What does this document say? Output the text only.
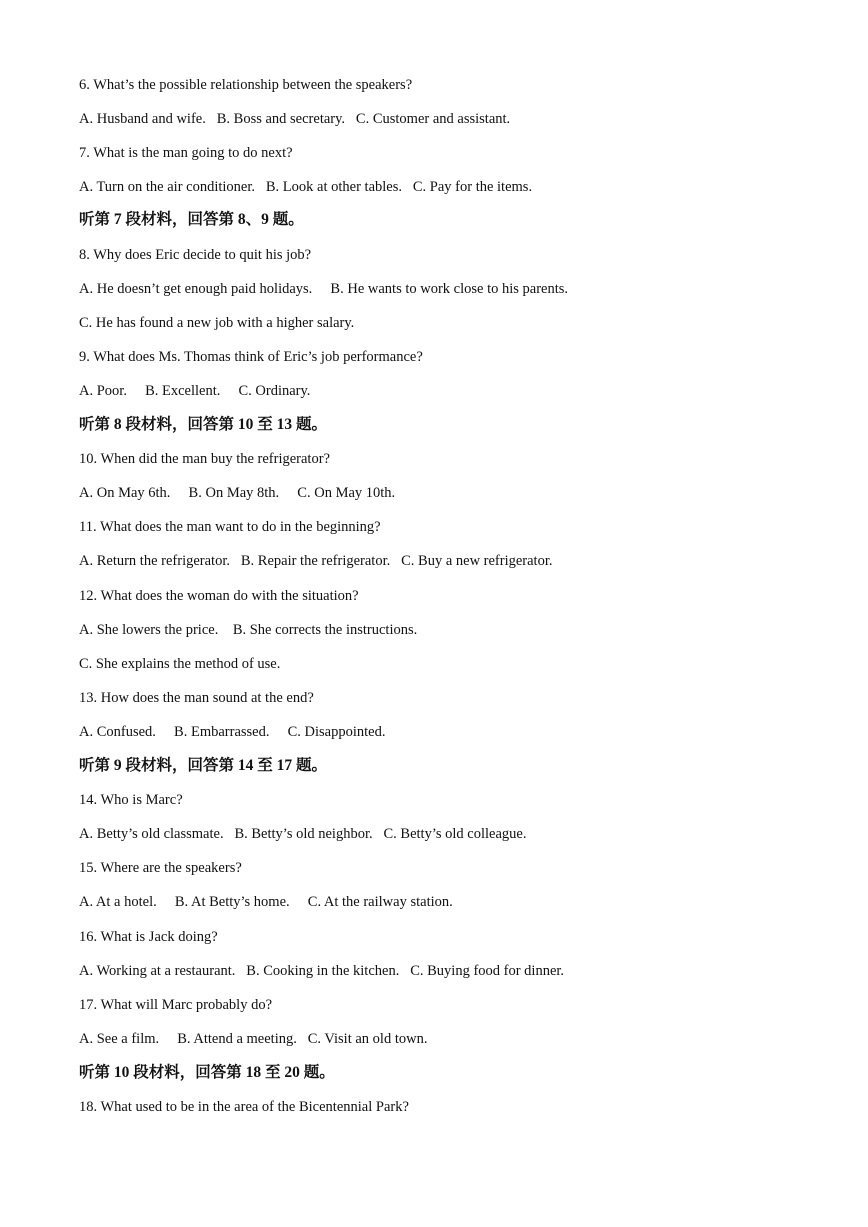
6. What’s the possible relationship between the speakers?
A. Husband and wife.   B. Boss and secretary.   C. Customer and assistant.
7. What is the man going to do next?
A. Turn on the air conditioner.   B. Look at other tables.   C. Pay for the items.
听第 7 段材料，回答第 8、9 题。
8. Why does Eric decide to quit his job?
A. He doesn’t get enough paid holidays.     B. He wants to work close to his parents.
C. He has found a new job with a higher salary.
9. What does Ms. Thomas think of Eric’s job performance?
A. Poor.     B. Excellent.     C. Ordinary.
听第 8 段材料，回答第 10 至 13 题。
10. When did the man buy the refrigerator?
A. On May 6th.     B. On May 8th.     C. On May 10th.
11. What does the man want to do in the beginning?
A. Return the refrigerator.   B. Repair the refrigerator.   C. Buy a new refrigerator.
12. What does the woman do with the situation?
A. She lowers the price.    B. She corrects the instructions.
C. She explains the method of use.
13. How does the man sound at the end?
A. Confused.     B. Embarrassed.     C. Disappointed.
听第 9 段材料，回答第 14 至 17 题。
14. Who is Marc?
A. Betty’s old classmate.   B. Betty’s old neighbor.   C. Betty’s old colleague.
15. Where are the speakers?
A. At a hotel.     B. At Betty’s home.     C. At the railway station.
16. What is Jack doing?
A. Working at a restaurant.   B. Cooking in the kitchen.   C. Buying food for dinner.
17. What will Marc probably do?
A. See a film.     B. Attend a meeting.   C. Visit an old town.
听第 10 段材料，回答第 18 至 20 题。
18. What used to be in the area of the Bicentennial Park?
